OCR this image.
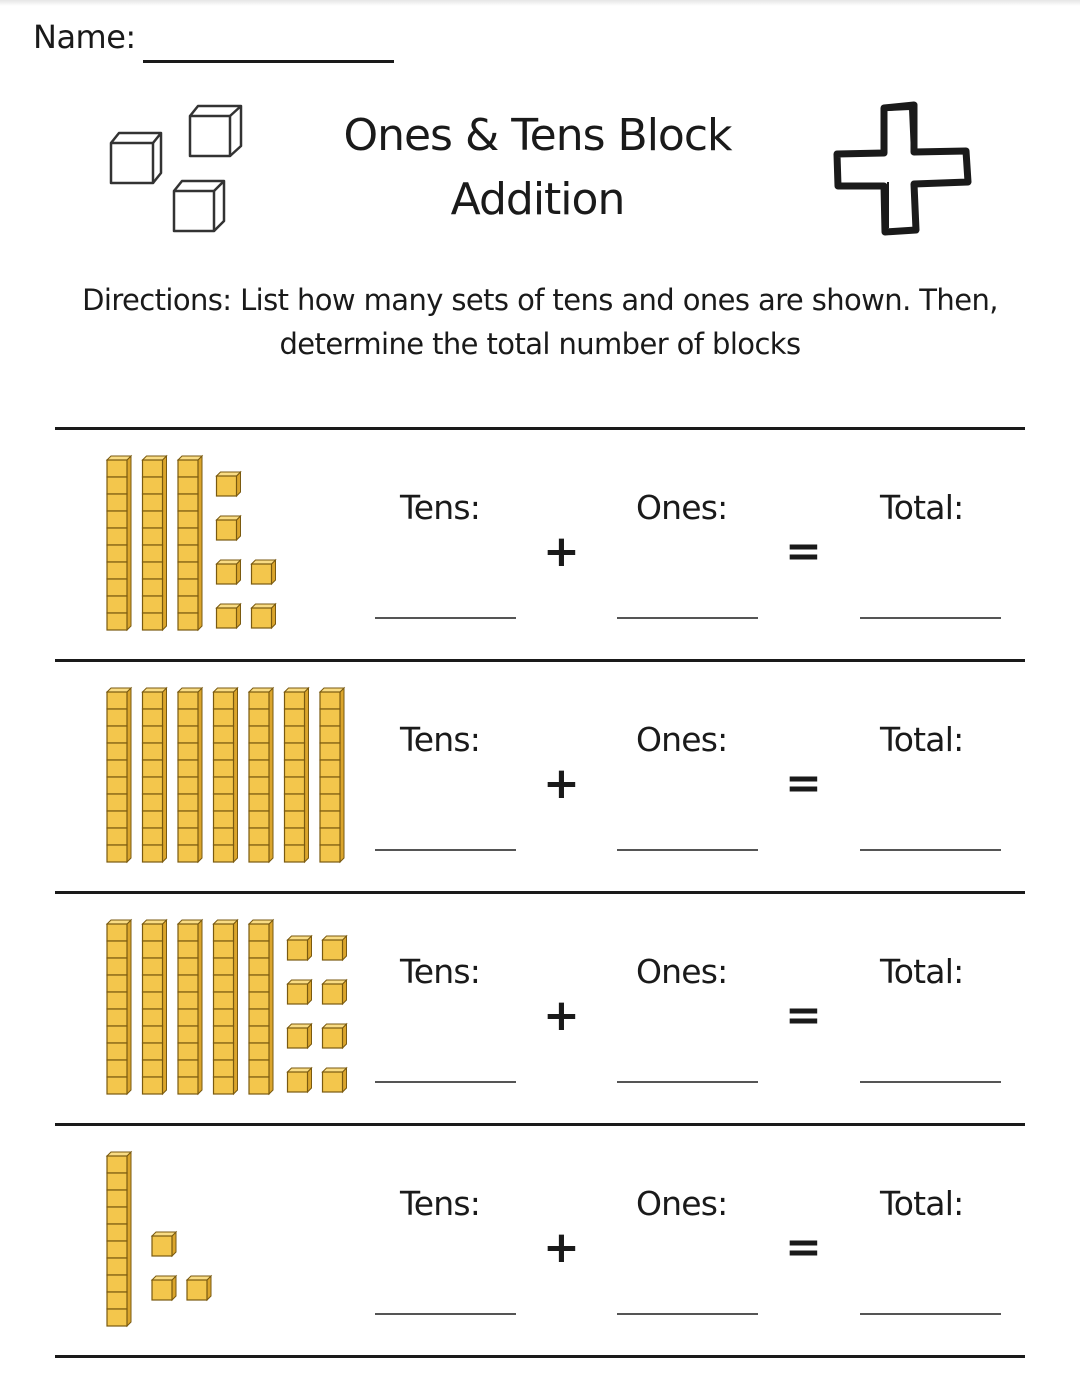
Name:
Ones & Tens Block
Addition
Directions: List how many sets of tens and ones are shown. Then,
determine the total number of blocks
Tens:	Ones:	Total:
+	=
Tens:	Ones:	Total:
+	=
Tens:	Ones:	Total:
+	=
Tens:	Ones:	Total:
+	=
